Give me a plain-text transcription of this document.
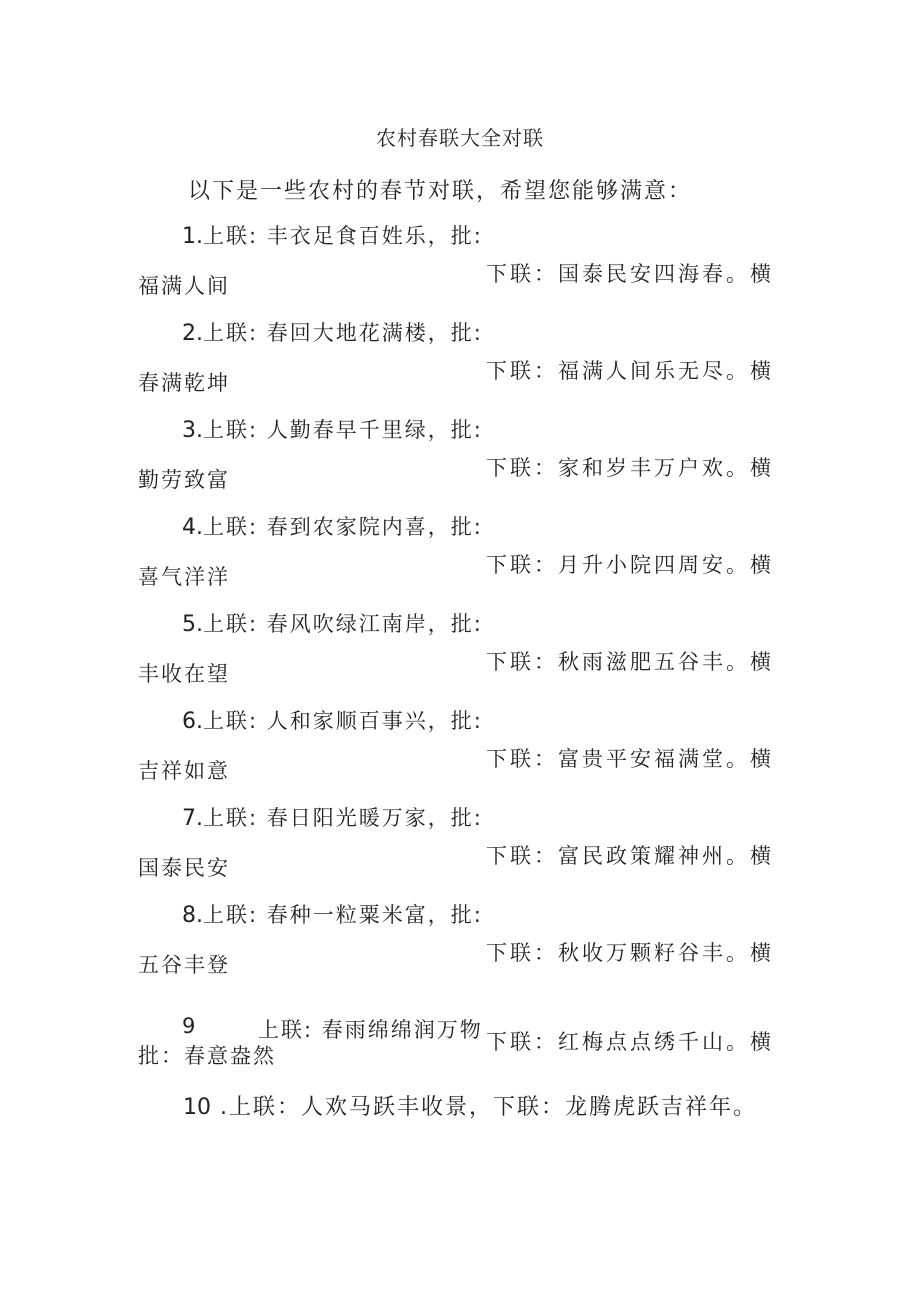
农村春联大全对联
以下是一些农村的春节对联，希望您能够满意：
1.上联: 丰衣足食百姓乐，批:
下联：国泰民安四海春。横
福满人间
2.上联: 春回大地花满楼，批:
下联：福满人间乐无尽。横
春满乾坤
3.上联: 人勤春早千里绿，批:
下联：家和岁丰万户欢。横
勤劳致富
4.上联: 春到农家院内喜，批:
下联：月升小院四周安。横
喜气洋洋
5.上联: 春风吹绿江南岸，批:
下联：秋雨滋肥五谷丰。横
丰收在望
6.上联: 人和家顺百事兴，批:
下联：富贵平安福满堂。横
吉祥如意
7.上联: 春日阳光暖万家，批:
下联：富民政策耀神州。横
国泰民安
8.上联: 春种一粒粟米富，批:
下联：秋收万颗籽谷丰。横
五谷丰登
9	上联: 春雨绵绵润万物 下联：红梅点点绣千山。横
批：春意盎然
10 .上联：人欢马跃丰收景，下联：龙腾虎跃吉祥年。
